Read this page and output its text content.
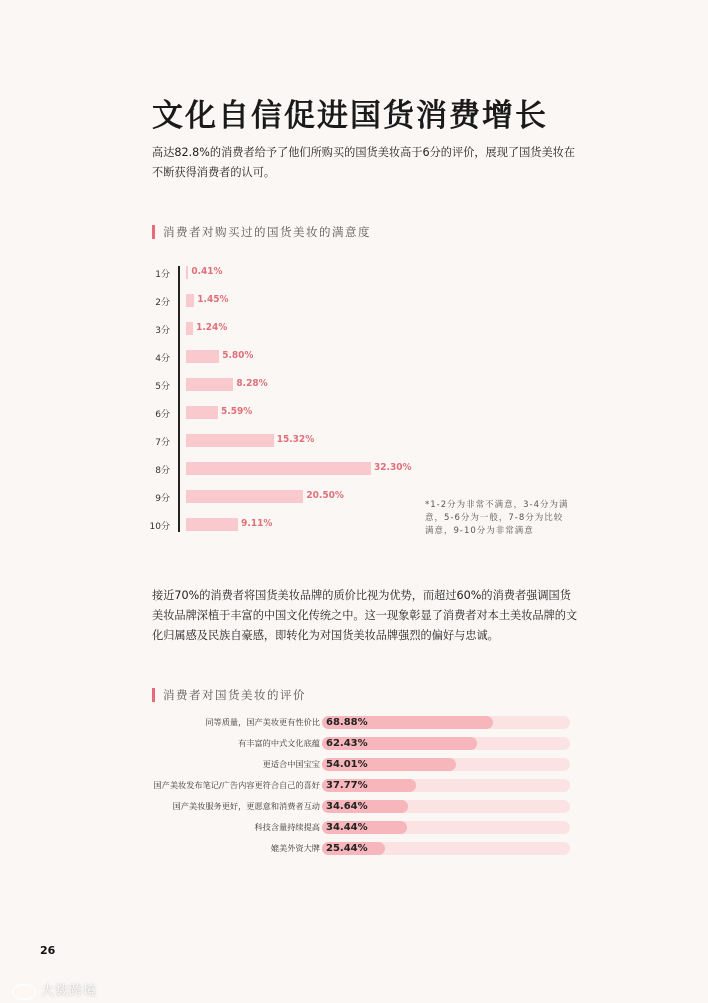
文化自信促进国货消费增长
高达82.8%的消费者给予了他们所购买的国货美妆高于6分的评价，展现了国货美妆在
不断获得消费者的认可。
消费者对购买过的国货美妆的满意度
1分 0.41%
2分	1.45%
3分	1.24%
4分	5.80%
5分	8.28%
6分	5.59%
7分	15.32%
8分	32.30%
9分	20.50%
10分	9.11%
*1-2分为非常不满意，3-4分为满
意，5-6分为一般，7-8分为比较
满意，9-10分为非常满意
接近70%的消费者将国货美妆品牌的质价比视为优势，而超过60%的消费者强调国货
美妆品牌深植于丰富的中国文化传统之中。这一现象彰显了消费者对本土美妆品牌的文
化归属感及民族自豪感，即转化为对国货美妆品牌强烈的偏好与忠诚。
消费者对国货美妆的评价
同等质量，国产美妆更有性价比 68.88%
有丰富的中式文化底蕴 62.43%
更适合中国宝宝 54.01%
国产美妆发布笔记/广告内容更符合自己的喜好 37.77%
国产美妆服务更好，更愿意和消费者互动 34.64%
科技含量持续提高 34.44%
媲美外资大牌 25.44%
26
大数跨境
